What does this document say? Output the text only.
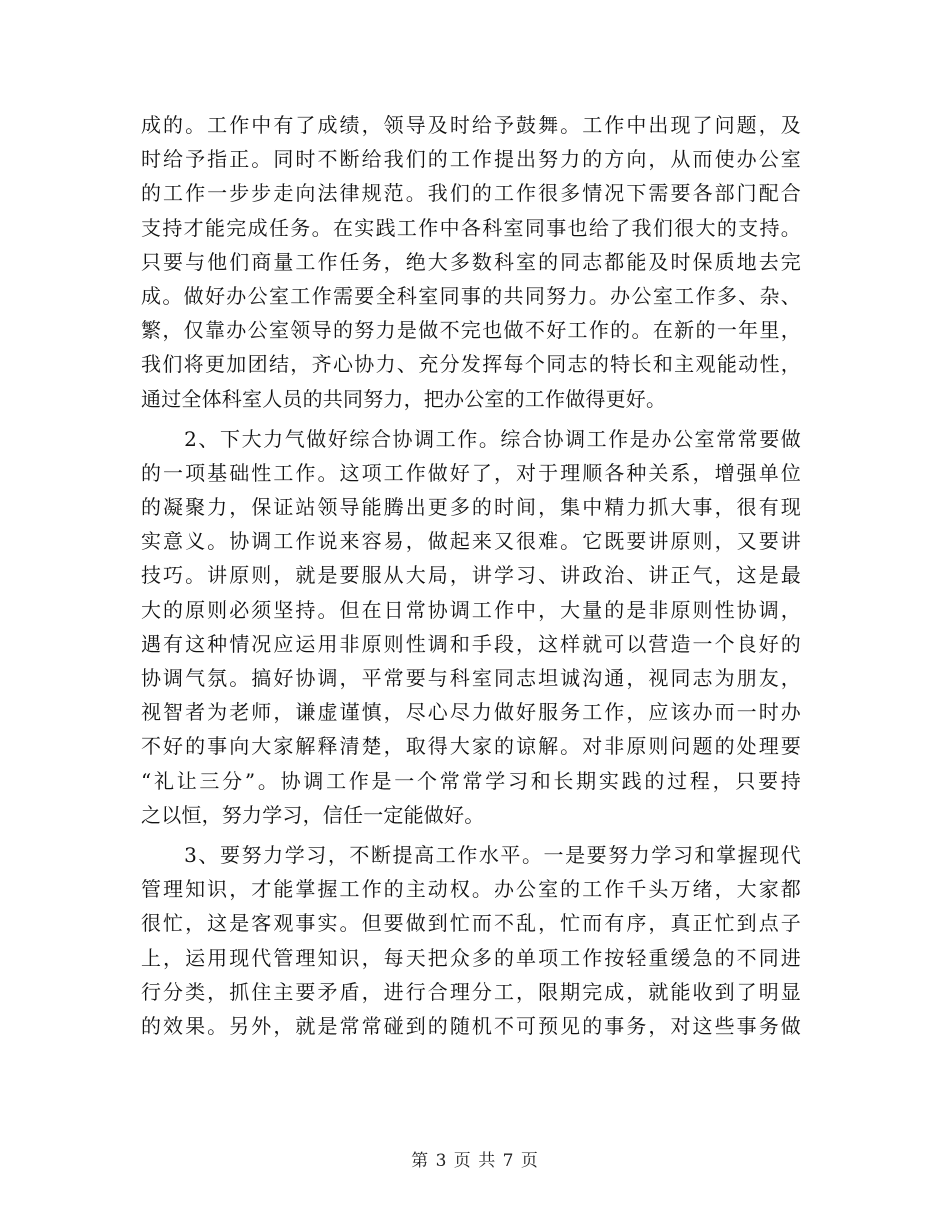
成的。工作中有了成绩，领导及时给予鼓舞。工作中出现了问题，及
时给予指正。同时不断给我们的工作提出努力的方向，从而使办公室
的工作一步步走向法律规范。我们的工作很多情况下需要各部门配合
支持才能完成任务。在实践工作中各科室同事也给了我们很大的支持。
只要与他们商量工作任务，绝大多数科室的同志都能及时保质地去完
成。做好办公室工作需要全科室同事的共同努力。办公室工作多、杂、
繁，仅靠办公室领导的努力是做不完也做不好工作的。在新的一年里，
我们将更加团结，齐心协力、充分发挥每个同志的特长和主观能动性，
通过全体科室人员的共同努力，把办公室的工作做得更好。
　　2、下大力气做好综合协调工作。综合协调工作是办公室常常要做
的一项基础性工作。这项工作做好了，对于理顺各种关系，增强单位
的凝聚力，保证站领导能腾出更多的时间，集中精力抓大事，很有现
实意义。协调工作说来容易，做起来又很难。它既要讲原则，又要讲
技巧。讲原则，就是要服从大局，讲学习、讲政治、讲正气，这是最
大的原则必须坚持。但在日常协调工作中，大量的是非原则性协调，
遇有这种情况应运用非原则性调和手段，这样就可以营造一个良好的
协调气氛。搞好协调，平常要与科室同志坦诚沟通，视同志为朋友，
视智者为老师，谦虚谨慎，尽心尽力做好服务工作，应该办而一时办
不好的事向大家解释清楚，取得大家的谅解。对非原则问题的处理要
“礼让三分”。协调工作是一个常常学习和长期实践的过程，只要持
之以恒，努力学习，信任一定能做好。
　　3、要努力学习，不断提高工作水平。一是要努力学习和掌握现代
管理知识，才能掌握工作的主动权。办公室的工作千头万绪，大家都
很忙，这是客观事实。但要做到忙而不乱，忙而有序，真正忙到点子
上，运用现代管理知识，每天把众多的单项工作按轻重缓急的不同进
行分类，抓住主要矛盾，进行合理分工，限期完成，就能收到了明显
的效果。另外，就是常常碰到的随机不可预见的事务，对这些事务做
第 3 页 共 7 页
